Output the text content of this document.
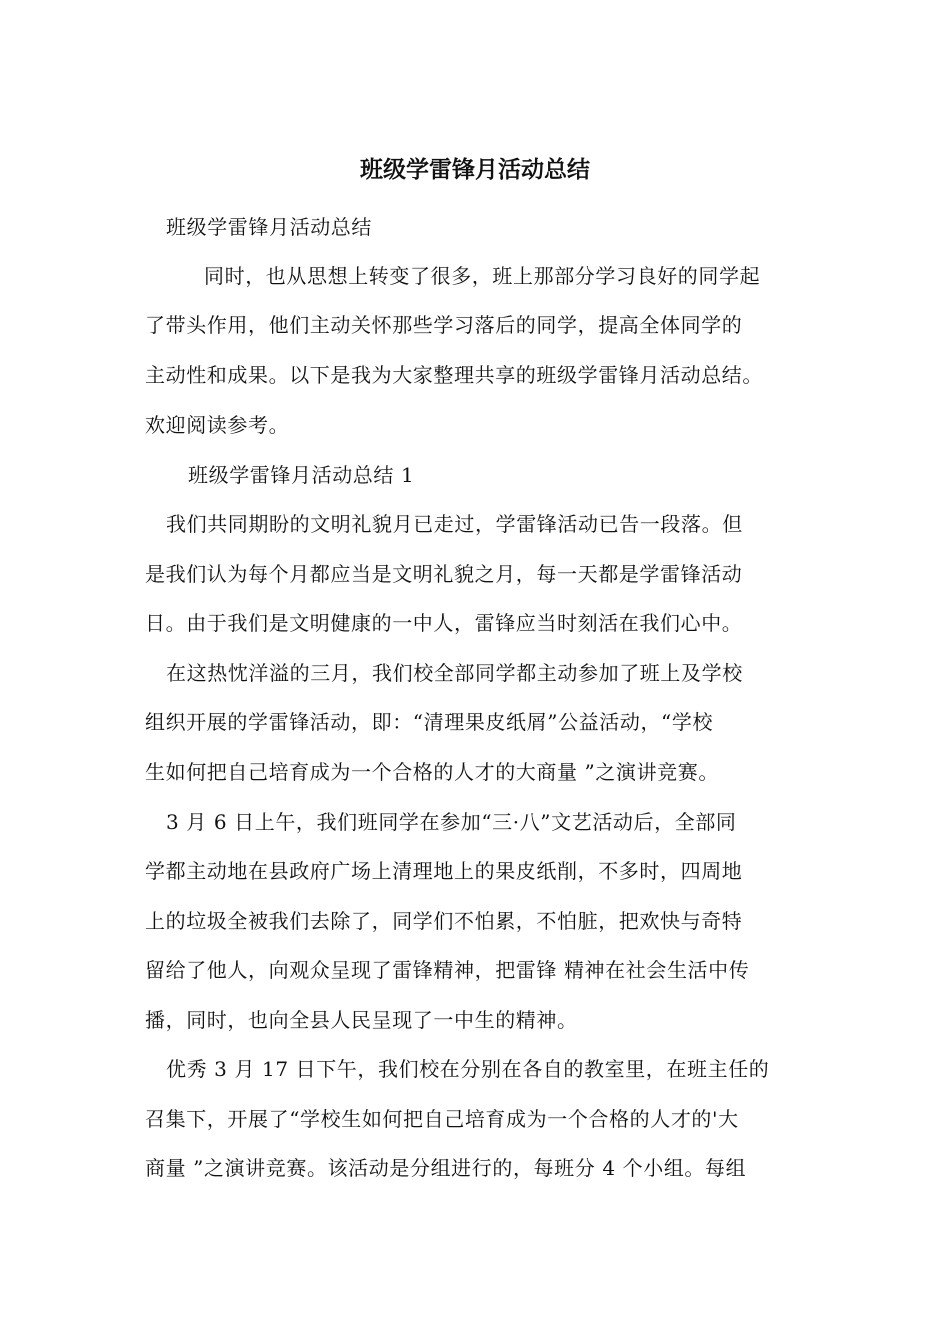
班级学雷锋月活动总结
班级学雷锋月活动总结
同时，也从思想上转变了很多，班上那部分学习良好的同学起
了带头作用，他们主动关怀那些学习落后的同学，提高全体同学的
主动性和成果。以下是我为大家整理共享的班级学雷锋月活动总结。
欢迎阅读参考。
班级学雷锋月活动总结 1
我们共同期盼的文明礼貌月已走过，学雷锋活动已告一段落。但
是我们认为每个月都应当是文明礼貌之月，每一天都是学雷锋活动
日。由于我们是文明健康的一中人，雷锋应当时刻活在我们心中。
在这热忱洋溢的三月，我们校全部同学都主动参加了班上及学校
组织开展的学雷锋活动，即：“清理果皮纸屑”公益活动，“学校
生如何把自己培育成为一个合格的人才的大商量 ”之演讲竞赛。
3 月 6 日上午，我们班同学在参加“三·八”文艺活动后，全部同
学都主动地在县政府广场上清理地上的果皮纸削，不多时，四周地
上的垃圾全被我们去除了，同学们不怕累，不怕脏，把欢快与奇特
留给了他人，向观众呈现了雷锋精神，把雷锋 精神在社会生活中传
播，同时，也向全县人民呈现了一中生的精神。
优秀 3 月 17 日下午，我们校在分别在各自的教室里，在班主任的
召集下，开展了“学校生如何把自己培育成为一个合格的人才的'大
商量 ”之演讲竞赛。该活动是分组进行的，每班分 4 个小组。每组
